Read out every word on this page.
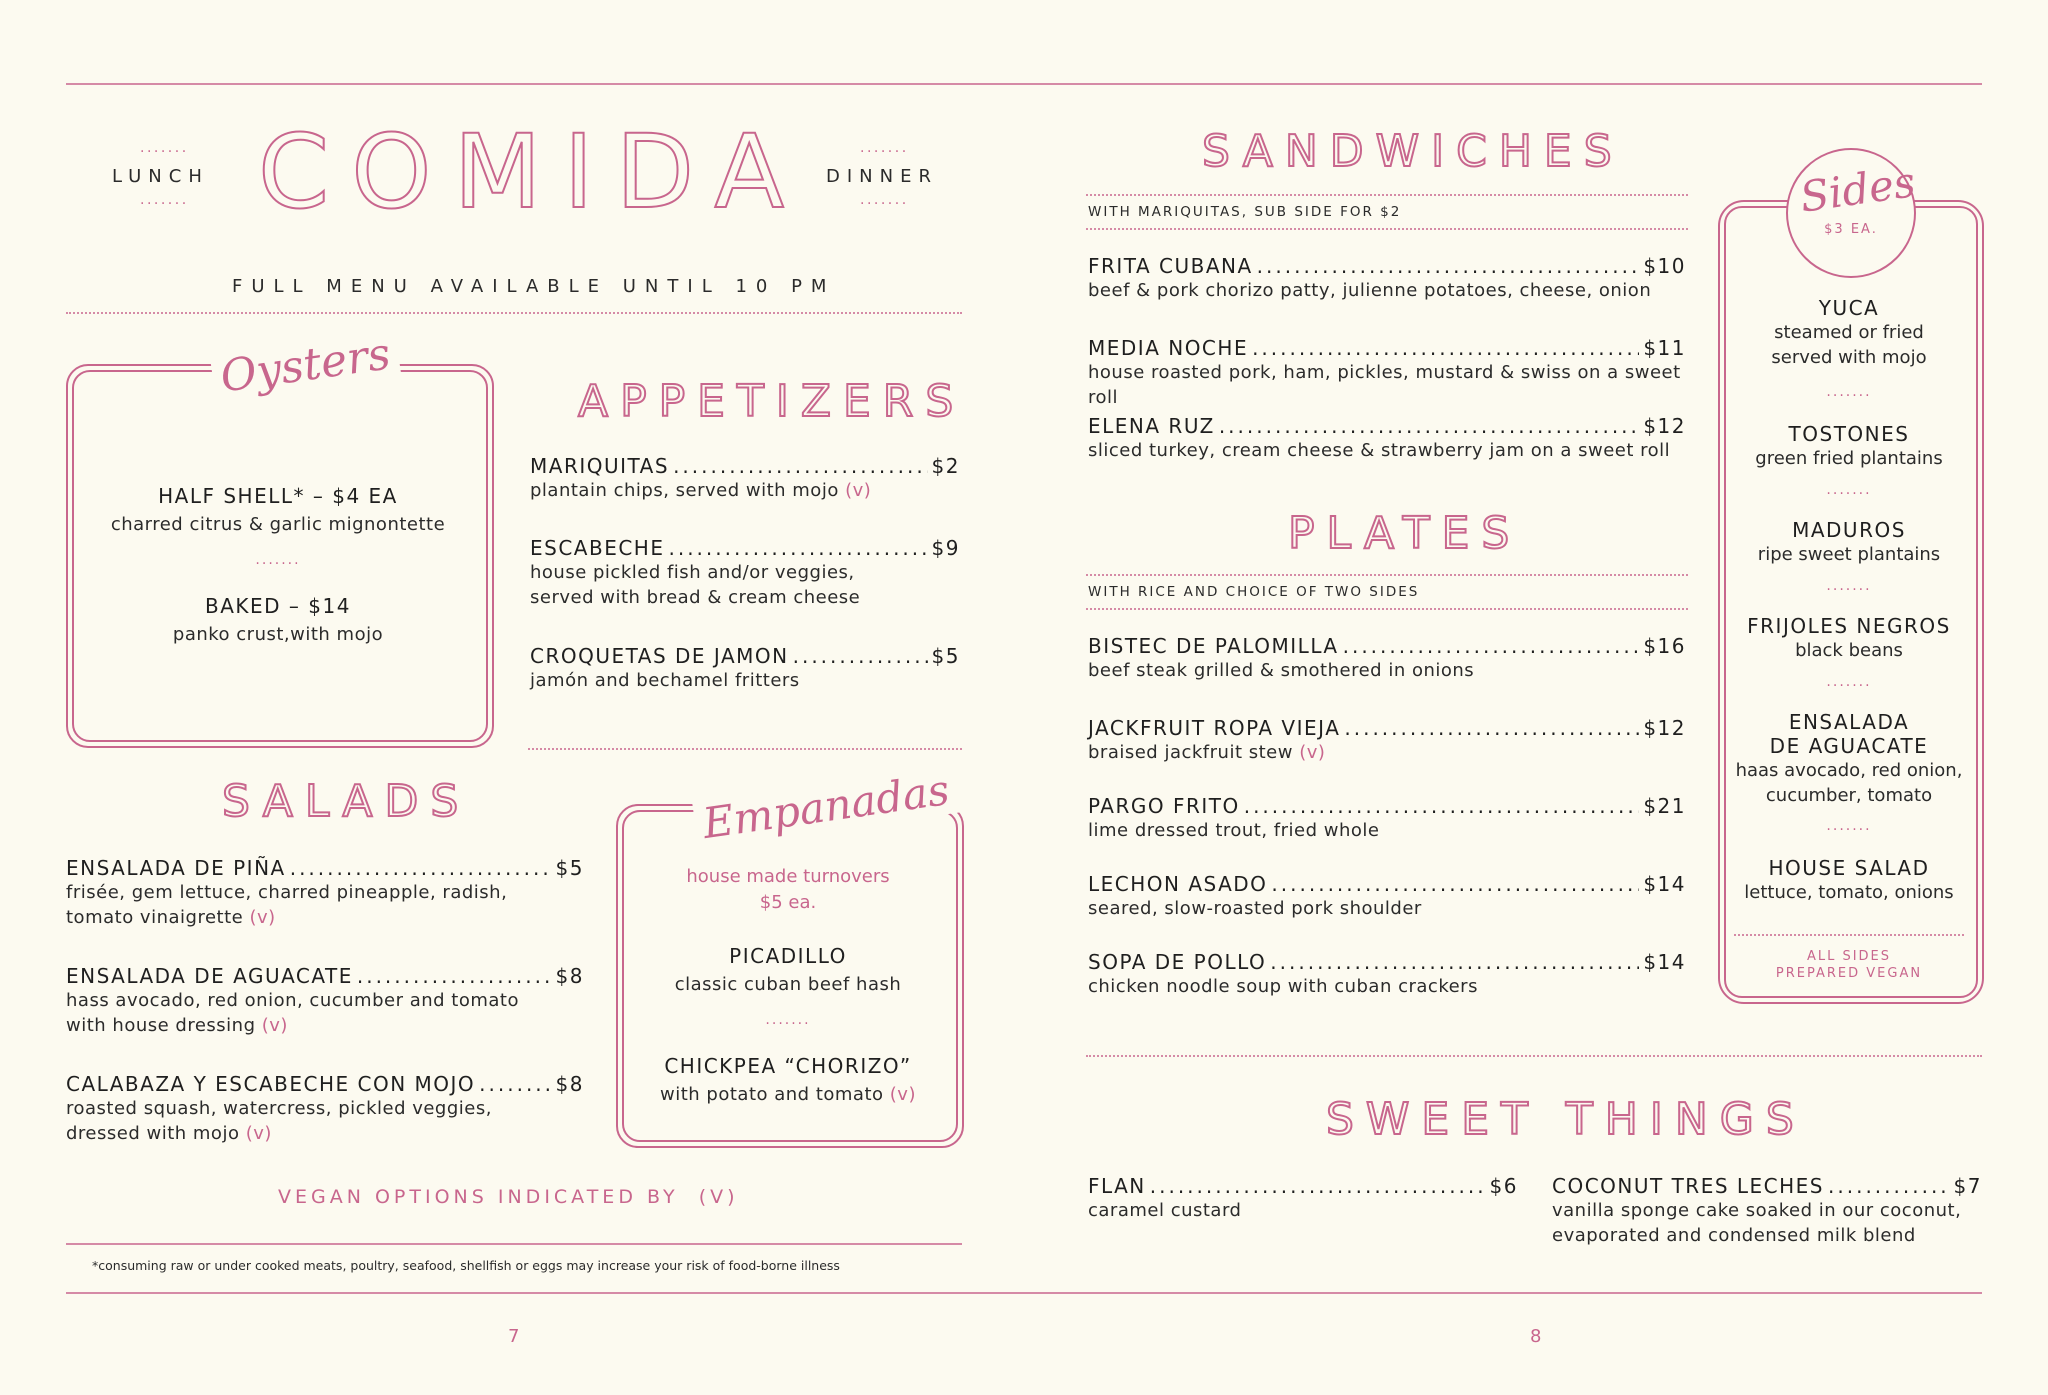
.......
LUNCH
....... COMIDA	.......
DINNER
.......
FULL MENU AVAILABLE UNTIL 10 PM
Oysters
HALF SHELL* – $4 EA
charred citrus & garlic mignontette
.......
BAKED – $14
panko crust,with mojo
APPETIZERS
MARIQUITAS .....	$2
plantain chips, served with mojo (v)
ESCABECHE .....	$9
house pickled fish and/or veggies,
served with bread & cream cheese
CROQUETAS DE JAMON .....	$5
jamón and bechamel fritters
SALADS
ENSALADA DE PIÑA .....	$5
frisée, gem lettuce, charred pineapple, radish,
tomato vinaigrette (v)
ENSALADA DE AGUACATE .....	$8
hass avocado, red onion, cucumber and tomato
with house dressing (v)
CALABAZA Y ESCABECHE CON MOJO .....	$8
roasted squash, watercress, pickled veggies,
dressed with mojo (v)
Empanadas
house made turnovers
$5 ea.
PICADILLO
classic cuban beef hash
.......
CHICKPEA “CHORIZO”
with potato and tomato (v)
VEGAN OPTIONS INDICATED BY (V)
*consuming raw or under cooked meats, poultry, seafood, shellfish or eggs may increase your risk of food-borne illness
7	8
SANDWICHES
WITH MARIQUITAS, SUB SIDE FOR $2
FRITA CUBANA .....	$10
beef & pork chorizo patty, julienne potatoes, cheese, onion
MEDIA NOCHE .....	$11
house roasted pork, ham, pickles, mustard & swiss on a sweet roll
ELENA RUZ .....	$12
sliced turkey, cream cheese & strawberry jam on a sweet roll
PLATES
WITH RICE AND CHOICE OF TWO SIDES
BISTEC DE PALOMILLA .....	$16
beef steak grilled & smothered in onions
JACKFRUIT ROPA VIEJA .....	$12
braised jackfruit stew (v)
PARGO FRITO .....	$21
lime dressed trout, fried whole
LECHON ASADO .....	$14
seared, slow-roasted pork shoulder
SOPA DE POLLO .....	$14
chicken noodle soup with cuban crackers
Sides
$3 EA.
YUCA
steamed or fried
served with mojo
.......
TOSTONES
green fried plantains
.......
MADUROS
ripe sweet plantains
.......
FRIJOLES NEGROS
black beans
.......
ENSALADA
DE AGUACATE
haas avocado, red onion,
cucumber, tomato
.......
HOUSE SALAD
lettuce, tomato, onions
ALL SIDES
PREPARED VEGAN
SWEET THINGS
FLAN .....	$6
caramel custard
COCONUT TRES LECHES .....	$7
vanilla sponge cake soaked in our coconut,
evaporated and condensed milk blend
